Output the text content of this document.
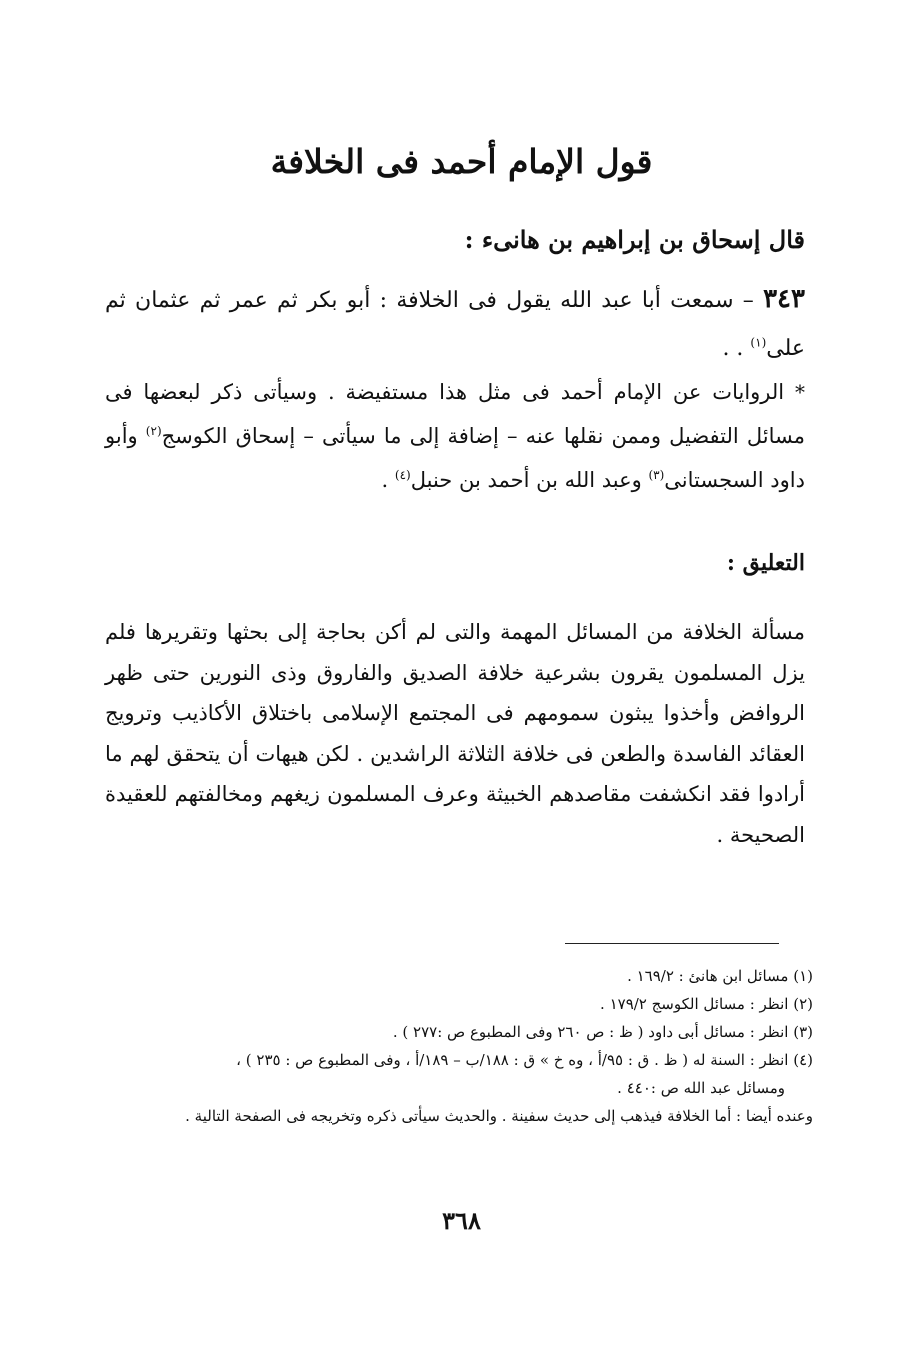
قول الإمام أحمد فى الخلافة
قال إسحاق بن إبراهيم بن هانىء :
٣٤٣ – سمعت أبا عبد الله يقول فى الخلافة : أبو بكر ثم عمر ثم عثمان ثم على$^{(١)}$ . .
* الروايات عن الإمام أحمد فى مثل هذا مستفيضة . وسيأتى ذكر لبعضها فى مسائل التفضيل وممن نقلها عنه – إضافة إلى ما سيأتى – إسحاق الكوسج$^{(٢)}$ وأبو داود السجستانى$^{(٣)}$ وعبد الله بن أحمد بن حنبل$^{(٤)}$ .
التعليق :
مسألة الخلافة من المسائل المهمة والتى لم أكن بحاجة إلى بحثها وتقريرها فلم يزل المسلمون يقرون بشرعية خلافة الصديق والفاروق وذى النورين حتى ظهر الروافض وأخذوا يبثون سمومهم فى المجتمع الإسلامى باختلاق الأكاذيب وترويج العقائد الفاسدة والطعن فى خلافة الثلاثة الراشدين . لكن هيهات أن يتحقق لهم ما أرادوا فقد انكشفت مقاصدهم الخبيثة وعرف المسلمون زيغهم ومخالفتهم للعقيدة الصحيحة .

(١) مسائل ابن هانئ : ١٦٩/٢ .

(٢) انظر : مسائل الكوسج ١٧٩/٢ .

(٣) انظر : مسائل أبى داود ( ظ : ص ٢٦٠ وفى المطبوع ص :٢٧٧ ) .

(٤) انظر : السنة له ( ظ . ق : ٩٥/أ ، وه خ » ق : ١٨٨/ب – ١٨٩/أ ، وفى المطبوع ص : ٢٣٥ ) ،

ومسائل عبد الله ص :٤٤٠ .

وعنده أيضا : أما الخلافة فيذهب إلى حديث سفينة . والحديث سيأتى ذكره وتخريجه فى الصفحة التالية .

٣٦٨
